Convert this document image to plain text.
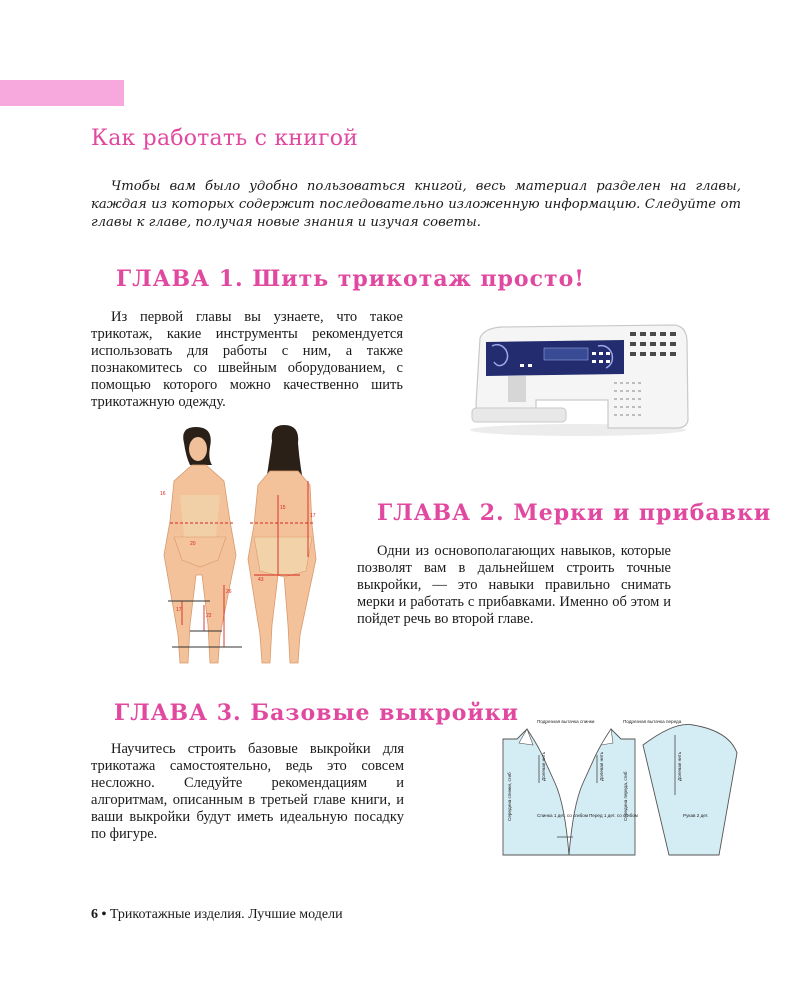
Как работать с книгой

Чтобы вам было удобно пользоваться книгой, весь материал разделен на главы, каждая из которых содержит последовательно изложенную информацию. Следуйте от главы к главе, получая новые знания и изучая советы.

ГЛАВА 1. Шить трикотаж просто!

Из первой главы вы узнаете, что такое трикотаж, какие инструменты рекомендуется использовать для работы с ним, а также познакомитесь со швейным оборудованием, с помощью которого можно качественно шить трикотажную одежду.

16
20
26
15
17
43
17
22
ГЛАВА 2. Мерки и прибавки

Одни из основополагающих навыков, которые позволят вам в дальнейшем строить точные выкройки, — это навыки правильно снимать мерки и работать с прибавками. Именно об этом и пойдет речь во второй главе.

ГЛАВА 3. Базовые выкройки

Научитесь строить базовые выкройки для трикотажа самостоятельно, ведь это совсем несложно. Следуйте рекомендациям и алгоритмам, описанным в третьей главе книги, и ваши выкройки будут иметь идеальную посадку по фигуре.

Подрезная вытачка спинки	Подрезная вытачка переда
Спинка 1 дет. со сгибом Перед 1 дет. со сгибом	Рукав 2 дет.
Середина спинки, сгиб	Середина переда, сгиб
Долевая нить	Долевая нить	Долевая нить
6 • Трикотажные изделия. Лучшие модели
